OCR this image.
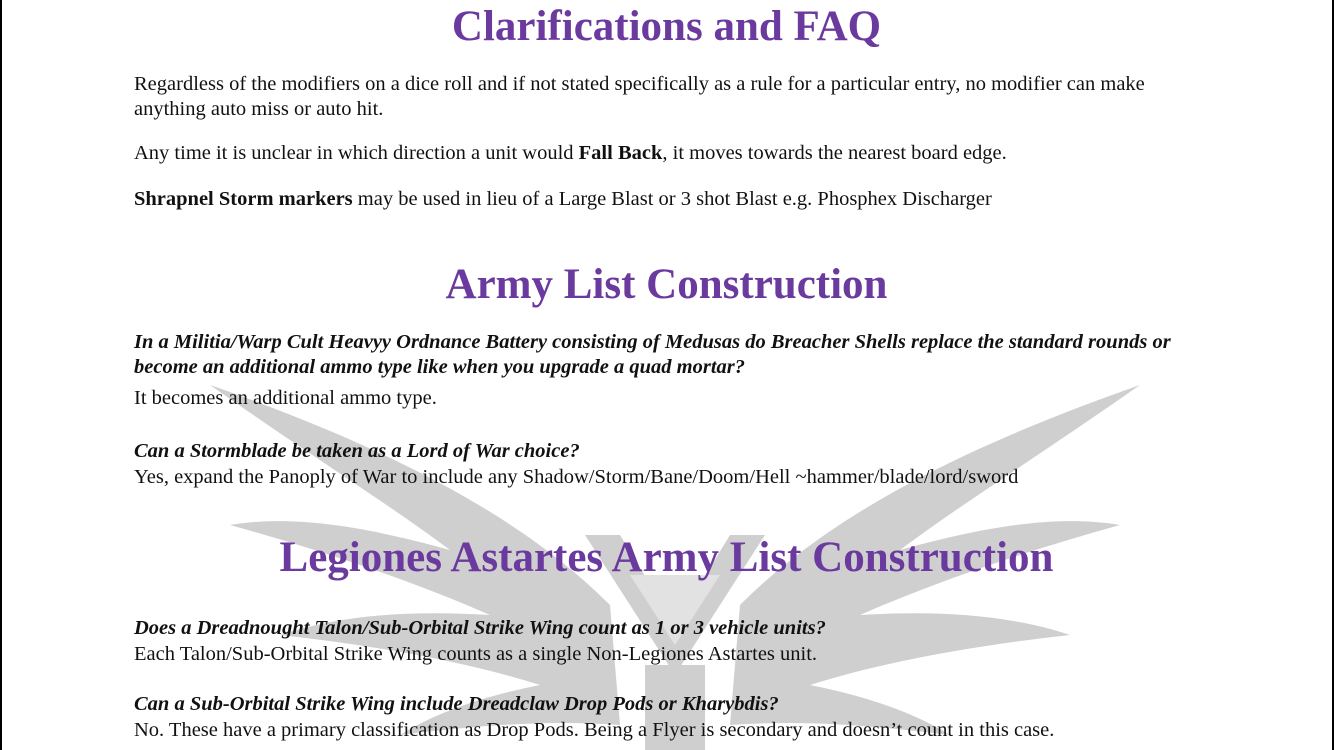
Clarifications and FAQ

Regardless of the modifiers on a dice roll and if not stated specifically as a rule for a particular entry, no modifier can make anything auto miss or auto hit.

Any time it is unclear in which direction a unit would Fall Back, it moves towards the nearest board edge.

Shrapnel Storm markers may be used in lieu of a Large Blast or 3 shot Blast e.g. Phosphex Discharger

Army List Construction

In a Militia/Warp Cult Heavyy Ordnance Battery consisting of Medusas do Breacher Shells replace the standard rounds or become an additional ammo type like when you upgrade a quad mortar?

It becomes an additional ammo type.

Can a Stormblade be taken as a Lord of War choice?

Yes, expand the Panoply of War to include any Shadow/Storm/Bane/Doom/Hell ~hammer/blade/lord/sword

Legiones Astartes Army List Construction

Does a Dreadnought Talon/Sub-Orbital Strike Wing count as 1 or 3 vehicle units?

Each Talon/Sub-Orbital Strike Wing counts as a single Non-Legiones Astartes unit.

Can a Sub-Orbital Strike Wing include Dreadclaw Drop Pods or Kharybdis?

No. These have a primary classification as Drop Pods. Being a Flyer is secondary and doesn’t count in this case.
